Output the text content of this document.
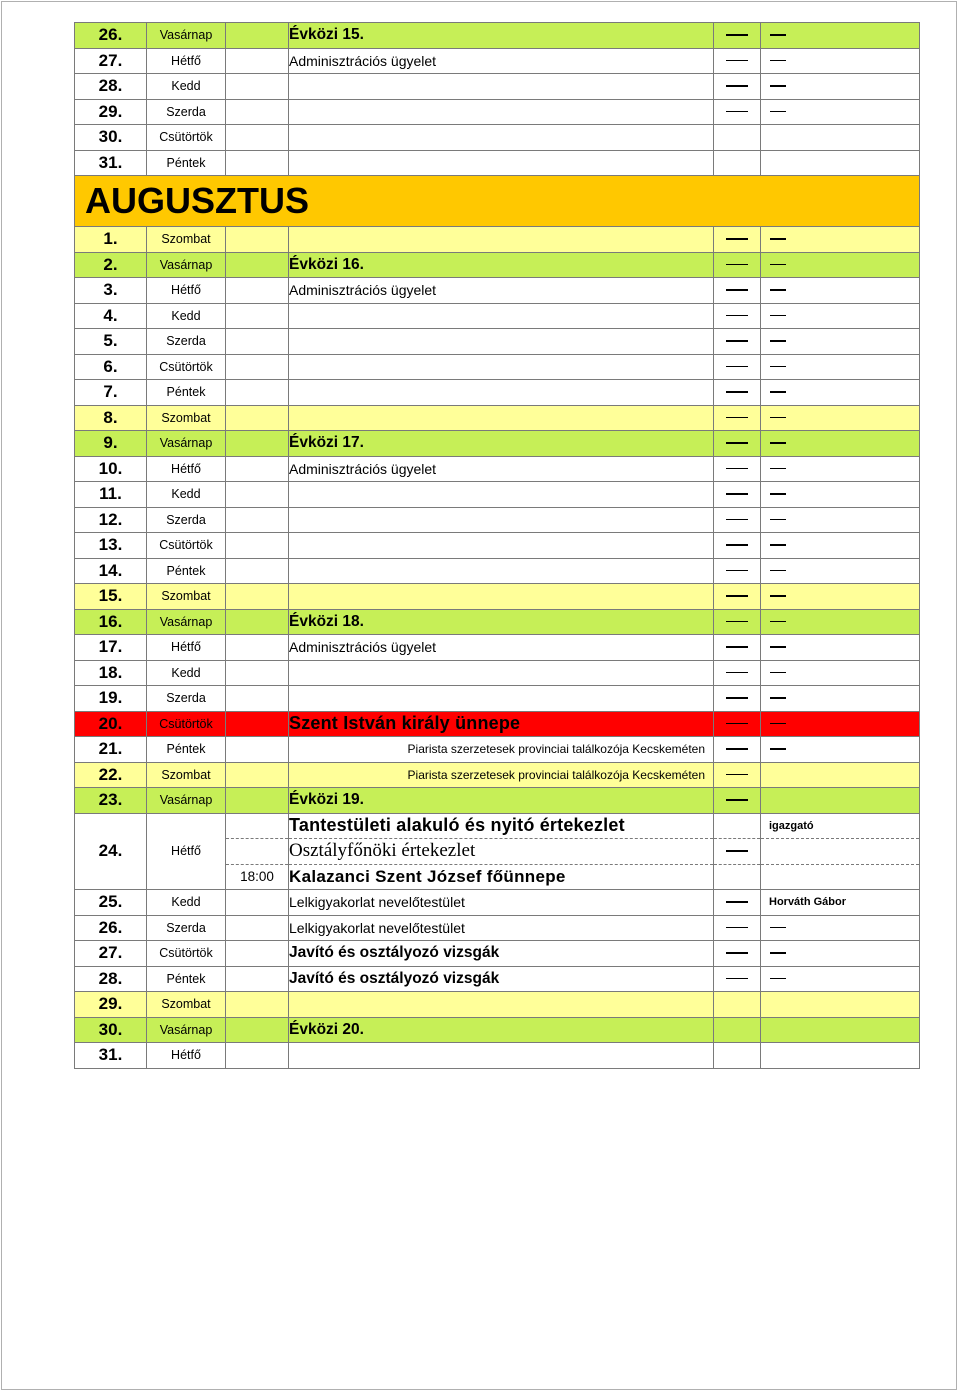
26.	Vasárnap		Évközi 15.		
27.	Hétfő		Adminisztrációs ügyelet		
28.	Kedd				
29.	Szerda				
30.	Csütörtök				
31.	Péntek				
AUGUSZTUS					
1.	Szombat				
2.	Vasárnap		Évközi 16.		
3.	Hétfő		Adminisztrációs ügyelet		
4.	Kedd				
5.	Szerda				
6.	Csütörtök				
7.	Péntek				
8.	Szombat				
9.	Vasárnap		Évközi 17.		
10.	Hétfő		Adminisztrációs ügyelet		
11.	Kedd				
12.	Szerda				
13.	Csütörtök				
14.	Péntek				
15.	Szombat				
16.	Vasárnap		Évközi 18.		
17.	Hétfő		Adminisztrációs ügyelet		
18.	Kedd				
19.	Szerda				
20.	Csütörtök		Szent István király ünnepe		
21.	Péntek		Piarista szerzetesek provinciai találkozója Kecskeméten		
22.	Szombat		Piarista szerzetesek provinciai találkozója Kecskeméten		
23.	Vasárnap		Évközi 19.		
24.	Hétfő		Tantestületi alakuló és nyitó értekezlet		igazgató
			Osztályfőnöki értekezlet		
		18:00	Kalazanci Szent József főünnepe		
25.	Kedd		Lelkigyakorlat nevelőtestület		Horváth Gábor
26.	Szerda		Lelkigyakorlat nevelőtestület		
27.	Csütörtök		Javító és osztályozó vizsgák		
28.	Péntek		Javító és osztályozó vizsgák		
29.	Szombat				
30.	Vasárnap		Évközi 20.		
31.	Hétfő				
